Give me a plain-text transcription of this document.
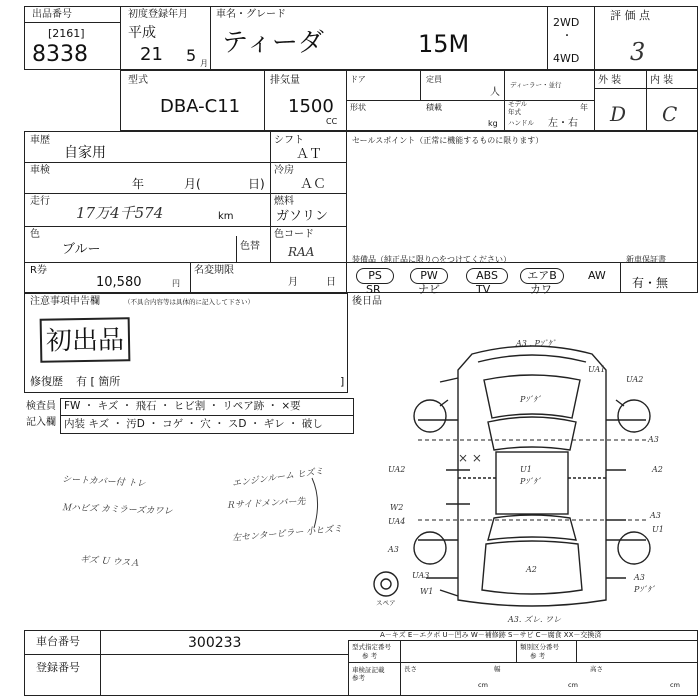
出品番号
[2161]
8338
初度登録年月
平成
21 5 月
車名・グレード
ティーダ	15M
2WD
・
4WD
評 価 点
3
型式
DBA-C11
排気量
1500
CC
ドア	定員
人
ディーラー・並行
形状	積載
kg
モデル
年式	年
ハンドル 左・右
外 装	内 装
D C
車歴
自家用
シフト
ＡＴ
車検
年	月(	日)
冷房
ＡＣ
走行
17万4千574	km
燃料
ガソリン
色
ブルー	色替
色コード
RAA
R券
10,580	円
名変期限
月	日
セールスポイント（正常に機能するものに限ります）
装備品（純正品に限り○をつけてください）	新車保証書
PS	PW	ABS	エアB	AW
SR	ナビ	TV	カワ	有・無
注意事項申告欄	（不具合内容等は具体的に記入して下さい）
初出品
修復歴 有 [ 箇所	]
後日品
検査員
記入欄
FW ・ キズ ・ 飛石 ・ ヒビ割 ・ リペア跡 ・ ×要
内装 キズ ・ 汚D ・ コゲ ・ 穴 ・ スD ・ ギレ ・ 破し
シートカバー付 トレ
Ｍハビズ カミラーズカワレ
ギズ Ｕ ウスＡ
エンジンルーム ヒズミ
Ｒサイドメンバー先
左センターピラー 小ヒズミ
A3 . Pｿﾞｹﾞ
Pｿﾞｹﾞ
U1
Pｿﾞｹﾞ
UA1
UA2
A3
A2
UA2
× ×
W2
UA4
A3
U1
A3
A2
UA3
W1
A3
Pｿﾞｹﾞ
スペア
A3. ズレ. ワレ
A－キズ E－エクボ U－凹み W－補修跡 S－サビ C－腐食 XX－交換済
車台番号	300233
登録番号
型式指定番号
参 考
類別区分番号
参 考
車検証記載
参考
長さ	幅	高さ
cm	cm	cm
